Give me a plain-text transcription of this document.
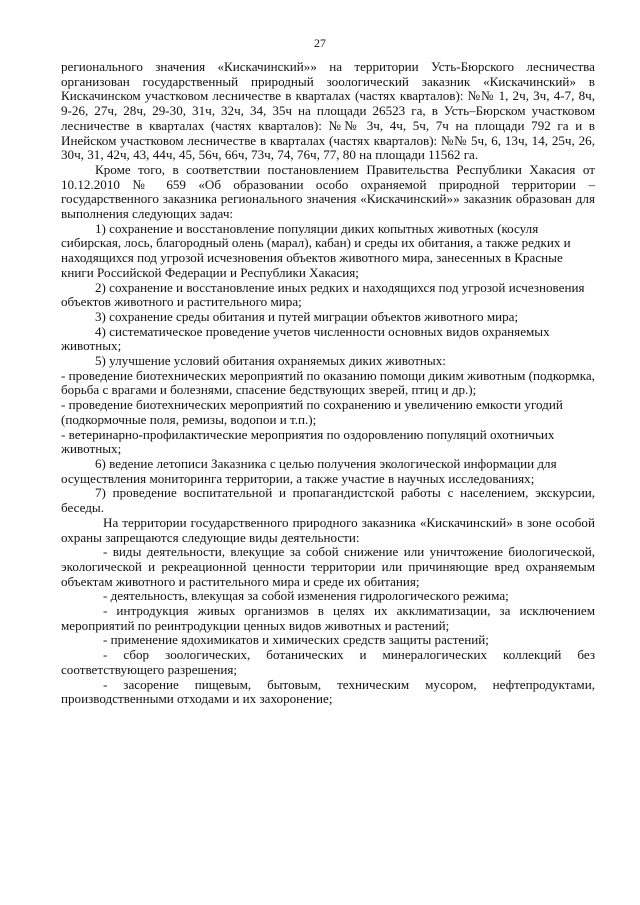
27

регионального значения «Кискачинский»» на территории Усть-Бюрского лесничества организован государственный природный зоологический заказник «Кискачинский» в Кискачинском участковом лесничестве в кварталах (частях кварталов): №№ 1, 2ч, 3ч, 4-7, 8ч, 9-26, 27ч, 28ч, 29-30, 31ч, 32ч, 34, 35ч на площади 26523 га, в Усть–Бюрском участковом лесничестве в кварталах (частях кварталов): №№ 3ч, 4ч, 5ч, 7ч на площади 792 га и в Инейском участковом лесничестве в кварталах (частях кварталов): №№ 5ч, 6, 13ч, 14, 25ч, 26, 30ч, 31, 42ч, 43, 44ч, 45, 56ч, 66ч, 73ч, 74, 76ч, 77, 80 на площади 11562 га.

Кроме того, в соответствии постановлением Правительства Республики Хакасия от 10.12.2010 № 659 «Об образовании особо охраняемой природной территории – государственного заказника регионального значения «Кискачинский»» заказник образован для выполнения следующих задач:

1) сохранение и восстановление популяции диких копытных животных (косуля сибирская, лось, благородный олень (марал), кабан) и среды их обитания, а также редких и находящихся под угрозой исчезновения объектов животного мира, занесенных в Красные книги Российской Федерации и Республики Хакасия;

2) сохранение и восстановление иных редких и находящихся под угрозой исчезновения объектов животного и растительного мира;

3) сохранение среды обитания и путей миграции объектов животного мира;

4) систематическое проведение учетов численности основных видов охраняемых животных;

5) улучшение условий обитания охраняемых диких животных:

- проведение биотехнических мероприятий по оказанию помощи диким животным (подкормка, борьба с врагами и болезнями, спасение бедствующих зверей, птиц и др.);

- проведение биотехнических мероприятий по сохранению и увеличению емкости угодий (подкормочные поля, ремизы, водопои и т.п.);

- ветеринарно-профилактические мероприятия по оздоровлению популяций охотничьих животных;

6) ведение летописи Заказника с целью получения экологической информации для осуществления мониторинга территории, а также участие в научных исследованиях;

7) проведение воспитательной и пропагандистской работы с населением, экскурсии, беседы.

На территории государственного природного заказника «Кискачинский» в зоне особой охраны запрещаются следующие виды деятельности:

- виды деятельности, влекущие за собой снижение или уничтожение биологической, экологической и рекреационной ценности территории или причиняющие вред охраняемым объектам животного и растительного мира и среде их обитания;

- деятельность, влекущая за собой изменения гидрологического режима;

- интродукция живых организмов в целях их акклиматизации, за исключением мероприятий по реинтродукции ценных видов животных и растений;

- применение ядохимикатов и химических средств защиты растений;

- сбор зоологических, ботанических и минералогических коллекций без соответствующего разрешения;

- засорение пищевым, бытовым, техническим мусором, нефтепродуктами, производственными отходами и их захоронение;
